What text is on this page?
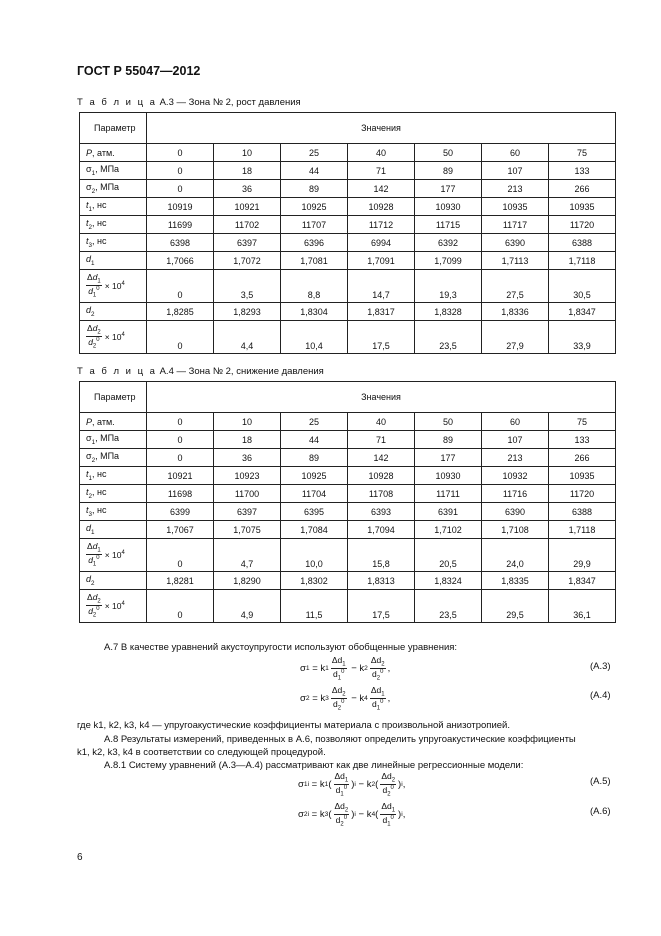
ГОСТ Р 55047—2012
Т а б л и ц а А.3 — Зона № 2, рост давления
Параметр	Значения						
P, атм.	0	10	25	40	50	60	75
$\sigma_1$, МПа	0	18	44	71	89	107	133
$\sigma_2$, МПа	0	36	89	142	177	213	266
$t_1$, нс	10919	10921	10925	10928	10930	10935	10935
$t_2$, нс	11699	11702	11707	11712	11715	11717	11720
$t_3$, нс	6398	6397	6396	6994	6392	6390	6388
$d_1$	1,7066	1,7072	1,7081	1,7091	1,7099	1,7113	1,7118

$\frac{\Delta d_1}{d_1^0} \times 10^4$	0	3,5	8,8	14,7	19,3	27,5	30,5
$d_2$	1,8285	1,8293	1,8304	1,8317	1,8328	1,8336	1,8347

$\frac{\Delta d_2}{d_2^0} \times 10^4$	0	4,4	10,4	17,5	23,5	27,9	33,9
Т а б л и ц а А.4 — Зона № 2, снижение давления
Параметр	Значения						
P, атм.	0	10	25	40	50	60	75
$\sigma_1$, МПа	0	18	44	71	89	107	133
$\sigma_2$, МПа	0	36	89	142	177	213	266
$t_1$, нс	10921	10923	10925	10928	10930	10932	10935
$t_2$, нс	11698	11700	11704	11708	11711	11716	11720
$t_3$, нс	6399	6397	6395	6393	6391	6390	6388
$d_1$	1,7067	1,7075	1,7084	1,7094	1,7102	1,7108	1,7118

$\frac{\Delta d_1}{d_1^0} \times 10^4$	0	4,7	10,0	15,8	20,5	24,0	29,9
$d_2$	1,8281	1,8290	1,8302	1,8313	1,8324	1,8335	1,8347

$\frac{\Delta d_2}{d_2^0} \times 10^4$	0	4,9	11,5	17,5	23,5	29,5	36,1
А.7 В качестве уравнений акустоупругости используют обобщенные уравнения:
σ 1 = k $1 \frac{\Delta d_1}{d_1^0} - k$ $2 \frac{\Delta d_2}{d_2^0}$ ,	(А.3)
σ 2 = k $3 \frac{\Delta d_2}{d_2^0} - k$ $4 \frac{\Delta d_1}{d_1^0}$ ,	(А.4)
где k1, k2, k3, k4 — упругоакустические коэффициенты материала с произвольной анизотропией.
А.8 Результаты измерений, приведенных в А.6, позволяют определить упругоакустические коэффициенты
k1, k2, k3, k4 в соответствии со следующей процедурой.
А.8.1 Систему уравнений (А.3—А.4) рассматривают как две линейные регрессионные модели:
σ 1i = k 1 ( $\frac{\Delta d_1}{d_1^0}$ ) i − k 2 ( $\frac{\Delta d_2}{d_2^0}$ ) i ,	(А.5)
σ 2i = k 3 ( $\frac{\Delta d_2}{d_2^0}$ ) i − k 4 ( $\frac{\Delta d_1}{d_1^0}$ ) i ,	(А.6)
6
